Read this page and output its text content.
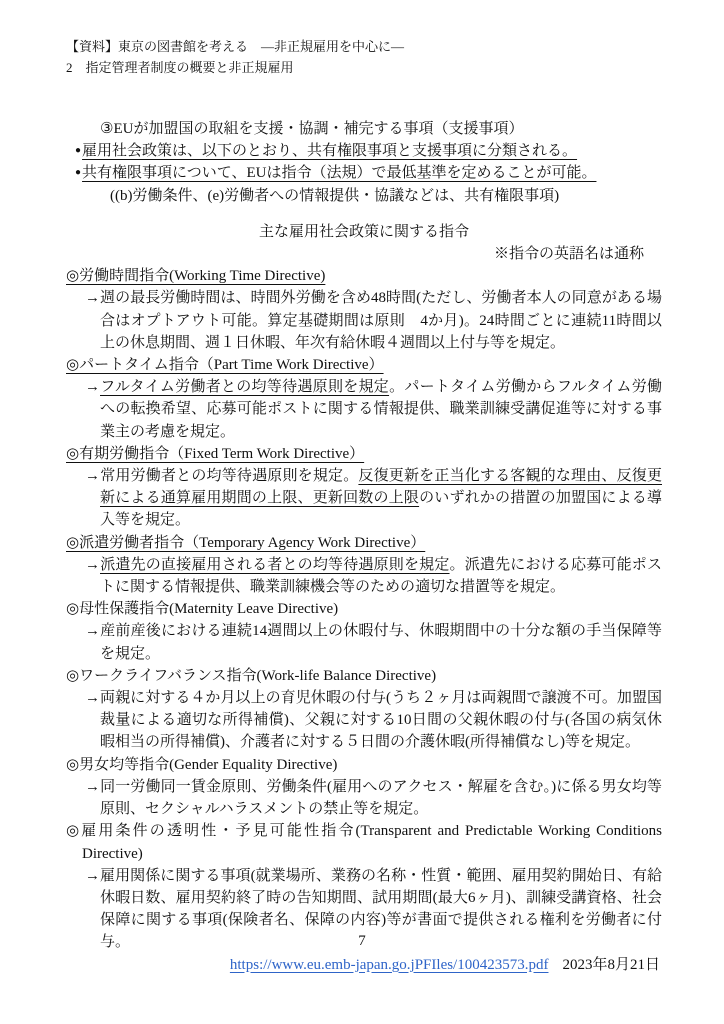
【資料】東京の図書館を考える　―非正規雇用を中心に―
2　指定管理者制度の概要と非正規雇用

③EUが加盟国の取組を支援・協調・補完する事項（支援事項）

●雇用社会政策は、以下のとおり、共有権限事項と支援事項に分類される。

●共有権限事項について、EUは指令（法規）で最低基準を定めることが可能。

((b)労働条件、(e)労働者への情報提供・協議などは、共有権限事項)

主な雇用社会政策に関する指令

※指令の英語名は通称

◎労働時間指令(Working Time Directive)

→週の最長労働時間は、時間外労働を含め48時間(ただし、労働者本人の同意がある場合はオプトアウト可能。算定基礎期間は原則　4か月)。24時間ごとに連続11時間以上の休息期間、週１日休暇、年次有給休暇４週間以上付与等を規定。

◎パートタイム指令（Part Time Work Directive）

→フルタイム労働者との均等待遇原則を規定。パートタイム労働からフルタイム労働への転換希望、応募可能ポストに関する情報提供、職業訓練受講促進等に対する事業主の考慮を規定。

◎有期労働指令（Fixed Term Work Directive）

→常用労働者との均等待遇原則を規定。反復更新を正当化する客観的な理由、反復更新による通算雇用期間の上限、更新回数の上限のいずれかの措置の加盟国による導入等を規定。

◎派遣労働者指令（Temporary Agency Work Directive）

→派遣先の直接雇用される者との均等待遇原則を規定。派遣先における応募可能ポストに関する情報提供、職業訓練機会等のための適切な措置等を規定。

◎母性保護指令(Maternity Leave Directive)

→産前産後における連続14週間以上の休暇付与、休暇期間中の十分な額の手当保障等を規定。

◎ワークライフバランス指令(Work-life Balance Directive)

→両親に対する４か月以上の育児休暇の付与(うち２ヶ月は両親間で譲渡不可。加盟国裁量による適切な所得補償)、父親に対する10日間の父親休暇の付与(各国の病気休暇相当の所得補償)、介護者に対する５日間の介護休暇(所得補償なし)等を規定。

◎男女均等指令(Gender Equality Directive)

→同一労働同一賃金原則、労働条件(雇用へのアクセス・解雇を含む。)に係る男女均等原則、セクシャルハラスメントの禁止等を規定。

◎雇用条件の透明性・予見可能性指令(Transparent and Predictable Working Conditions Directive)

→雇用関係に関する事項(就業場所、業務の名称・性質・範囲、雇用契約開始日、有給休暇日数、雇用契約終了時の告知期間、試用期間(最大6ヶ月)、訓練受講資格、社会保障に関する事項(保険者名、保障の内容)等が書面で提供される権利を労働者に付与。

https://www.eu.emb-japan.go.jPFIles/100423573.pdf 2023年8月21日

7
